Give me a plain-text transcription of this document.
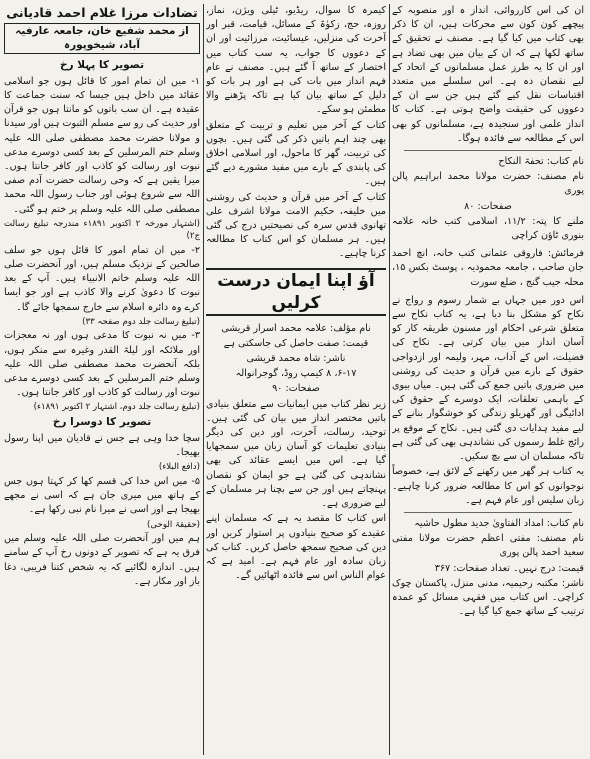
ان کی اس کارروائی، انداز ہ اور منصوبہ کے پیچھے کون کون سے محرکات ہیں، ان کا ذکر بھی کتاب میں کیا گیا ہے۔ مصنف نے تحقیق کے ساتھ لکھا ہے کہ ان کے بیان میں بھی تضاد ہے اور ان کا یہ طرز عمل مسلمانوں کے اتحاد کے لیے نقصان دہ ہے۔ اس سلسلے میں متعدد اقتباسات نقل کیے گئے ہیں جن سے ان کے دعووں کی حقیقت واضح ہوتی ہے۔ کتاب کا انداز علمی اور سنجیدہ ہے، مسلمانوں کو بھی اس کے مطالعہ سے فائدہ ہوگا۔

نام کتاب: تحفۃ النکاح

نام مصنف: حضرت مولانا محمد ابراہیم پالن پوری

صفحات: ۸۰

ملنے کا پتہ: ۱۱/۲، اسلامی کتب خانہ علامہ بنوری ٹاؤن کراچی

فرمائش: فاروقی عثمانی کتب خانہ، انچ احمد جان صاحب ، جامعہ محمودیہ ، پوسٹ بکس ۱۵، محلہ جیب گنج ، ضلع سورت

اس دور میں جہاں بے شمار رسوم و رواج نے نکاح کو مشکل بنا دیا ہے، یہ کتاب نکاح سے متعلق شرعی احکام اور مسنون طریقہ کار کو آسان انداز میں بیان کرتی ہے۔ نکاح کی فضیلت، اس کے آداب، مہر، ولیمہ اور ازدواجی حقوق کے بارے میں قرآن و حدیث کی روشنی میں ضروری باتیں جمع کی گئی ہیں۔ میاں بیوی کے باہمی تعلقات، ایک دوسرے کے حقوق کی ادائیگی اور گھریلو زندگی کو خوشگوار بنانے کے لیے مفید ہدایات دی گئی ہیں۔ نکاح کے موقع پر رائج غلط رسموں کی نشاندہی بھی کی گئی ہے تاکہ مسلمان ان سے بچ سکیں۔

یہ کتاب ہر گھر میں رکھنے کے لائق ہے، خصوصاً نوجوانوں کو اس کا مطالعہ ضرور کرنا چاہیے۔ زبان سلیس اور عام فہم ہے۔

نام کتاب: امداد الفتاویٰ جدید مطول حاشیہ

نام مصنف: مفتی اعظم حضرت مولانا مفتی سعید احمد پالن پوری

قیمت: درج نہیں۔ تعداد صفحات: ۳۶۷

ناشر: مکتبہ رحیمیہ، مدنی منزل، پاکستان چوک کراچی۔ اس کتاب میں فقہی مسائل کو عمدہ ترتیب کے ساتھ جمع کیا گیا ہے۔

کیمرہ کا سوال، ریڈیو، ٹیلی ویژن، نماز، روزہ، حج، زکوٰۃ کے مسائل، قیامت، قبر اور آخرت کی منزلیں، عیسائیت، مرزائیت اور ان کے دعووں کا جواب، یہ سب کتاب میں اختصار کے ساتھ آ گئے ہیں۔ مصنف نے عام فہم انداز میں بات کی ہے اور ہر بات کو دلیل کے ساتھ بیان کیا ہے تاکہ پڑھنے والا مطمئن ہو سکے۔

کتاب کے آخر میں تعلیم و تربیت کے متعلق بھی چند اہم باتیں ذکر کی گئی ہیں۔ بچوں کی تربیت، گھر کا ماحول، اور اسلامی اخلاق کی پابندی کے بارے میں مفید مشورے دیے گئے ہیں۔

کتاب کے آخر میں قرآن و حدیث کی روشنی میں خلیفہ، حکیم الامت مولانا اشرف علی تھانوی قدس سرہ کی نصیحتیں درج کی گئی ہیں۔ ہر مسلمان کو اس کتاب کا مطالعہ کرنا چاہیے۔

آؤ اپنا ایمان درست کرلیں

نام مؤلف: علامہ محمد اسرار قریشی

قیمت: صفت حاصل کی جاسکتی ہے

ناشر: شاہ محمد قریشی

۶-۱۷، ۸ کیمپ روڈ، گوجرانوالہ

صفحات: ۹۰

زیر نظر کتاب میں ایمانیات سے متعلق بنیادی باتیں مختصر انداز میں بیان کی گئی ہیں۔ توحید، رسالت، آخرت، اور دین کی دیگر بنیادی تعلیمات کو آسان زبان میں سمجھایا گیا ہے۔ اس میں ایسے عقائد کی بھی نشاندہی کی گئی ہے جو ایمان کو نقصان پہنچاتے ہیں اور جن سے بچنا ہر مسلمان کے لیے ضروری ہے۔

اس کتاب کا مقصد یہ ہے کہ مسلمان اپنے عقیدے کو صحیح بنیادوں پر استوار کریں اور دین کی صحیح سمجھ حاصل کریں۔ کتاب کی زبان سادہ اور عام فہم ہے۔ امید ہے کہ عوام الناس اس سے فائدہ اٹھائیں گے۔

تضادات مرزا غلام احمد قادیانی
از محمد شفیع خان، جامعہ عارفیہ آباد، شیخوپورہ
تصویر کا پہلا رخ

۱- میں ان تمام امور کا قائل ہوں جو اسلامی عقائد میں داخل ہیں جیسا کہ سنت جماعت کا عقیدہ ہے۔ ان سب باتوں کو مانتا ہوں جو قرآن اور حدیث کی رو سے مسلم الثبوت ہیں اور سیدنا و مولانا حضرت محمد مصطفی صلی اللہ علیہ وسلم ختم المرسلین کے بعد کسی دوسرے مدعی نبوت اور رسالت کو کاذب اور کافر جانتا ہوں۔ میرا یقین ہے کہ وحی رسالت حضرت آدم صفی اللہ سے شروع ہوئی اور جناب رسول اللہ محمد مصطفی صلی اللہ علیہ وسلم پر ختم ہو گئی۔

(اشتہار مورخہ ۲ اکتوبر ۱۸۹۱ء مندرجہ تبلیغ رسالت ج۲)

۲- میں ان تمام امور کا قائل ہوں جو سلف صالحین کے نزدیک مسلم ہیں، اور آنحضرت صلی اللہ علیہ وسلم خاتم الانبیاء ہیں۔ آپ کے بعد نبوت کا دعویٰ کرنے والا کاذب ہے اور جو ایسا کرے وہ دائرہ اسلام سے خارج سمجھا جائے گا۔

(تبلیغ رسالت جلد دوم صفحہ ۳۳)

۳- میں نہ نبوت کا مدعی ہوں اور نہ معجزات اور ملائکہ اور لیلۃ القدر وغیرہ سے منکر ہوں، بلکہ آنحضرت محمد مصطفی صلی اللہ علیہ وسلم ختم المرسلین کے بعد کسی دوسرے مدعی نبوت اور رسالت کو کاذب اور کافر جانتا ہوں۔

(تبلیغ رسالت جلد دوم، اشتہار ۲ اکتوبر ۱۸۹۱ء)

تصویر کا دوسرا رخ

سچا خدا وہی ہے جس نے قادیان میں اپنا رسول بھیجا۔

(دافع البلاء)

۵- میں اس خدا کی قسم کھا کر کہتا ہوں جس کے ہاتھ میں میری جان ہے کہ اسی نے مجھے بھیجا ہے اور اسی نے میرا نام نبی رکھا ہے۔

(حقیقۃ الوحی)

ہم میں اور آنحضرت صلی اللہ علیہ وسلم میں فرق یہ ہے کہ تصویر کے دونوں رخ آپ کے سامنے ہیں۔ اندازہ لگائیے کہ یہ شخص کتنا فریبی، دغا باز اور مکار ہے۔
